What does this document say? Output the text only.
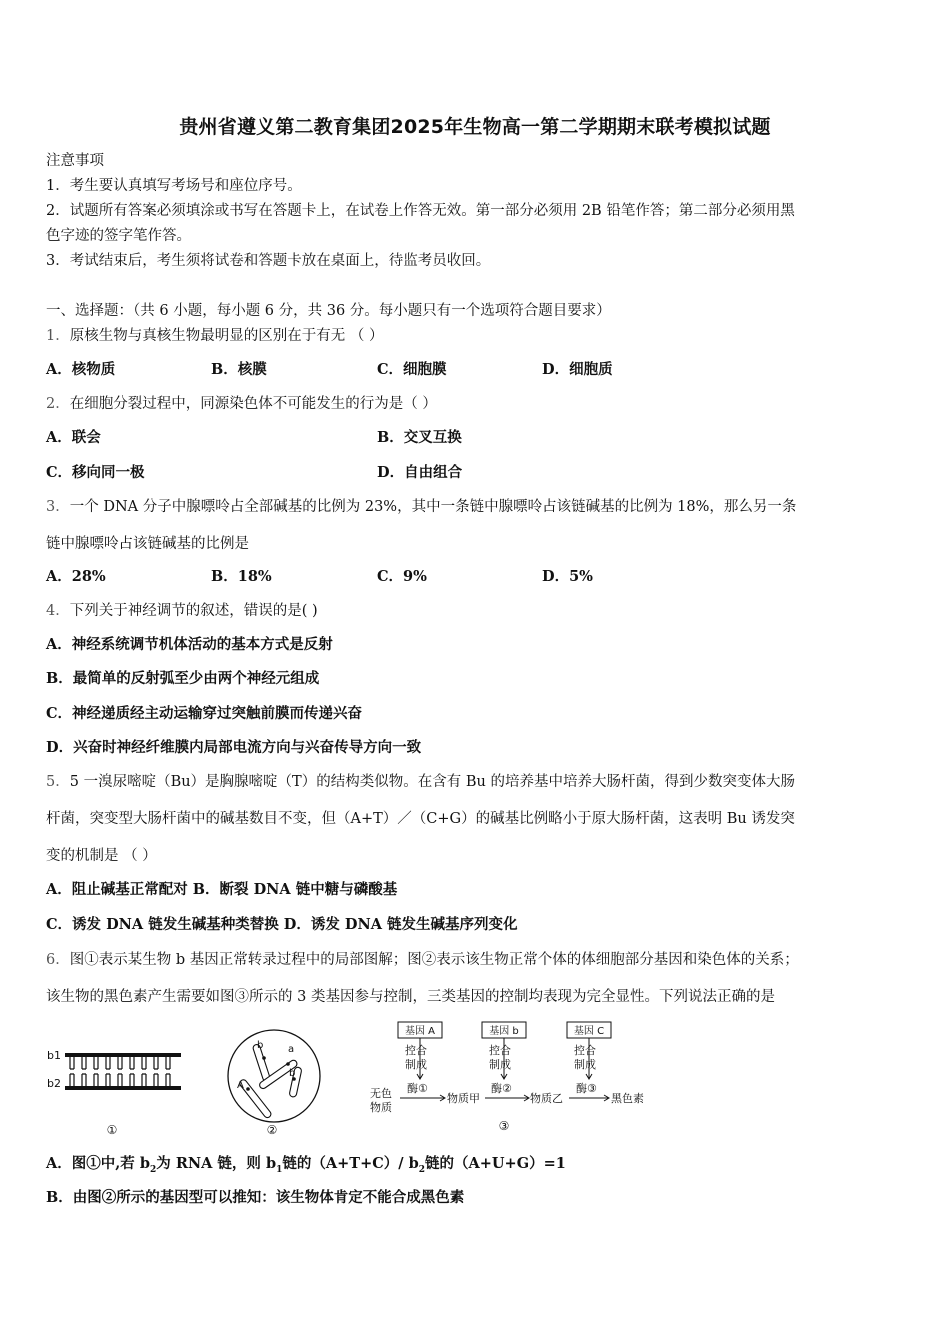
贵州省遵义第二教育集团2025年生物高一第二学期期末联考模拟试题
注意事项
1．考生要认真填写考场号和座位序号。
2．试题所有答案必须填涂或书写在答题卡上，在试卷上作答无效。第一部分必须用 2B 铅笔作答；第二部分必须用黑
色字迹的签字笔作答。
3．考试结束后，考生须将试卷和答题卡放在桌面上，待监考员收回。
一、选择题：（共 6 小题，每小题 6 分，共 36 分。每小题只有一个选项符合题目要求）
1．原核生物与真核生物最明显的区别在于有无 （ ）
A．核物质	B．核膜	C．细胞膜	D．细胞质
2．在细胞分裂过程中，同源染色体不可能发生的行为是（ ）
A．联会	B．交叉互换
C．移向同一极	D．自由组合
3．一个 DNA 分子中腺嘌呤占全部碱基的比例为 23%，其中一条链中腺嘌呤占该链碱基的比例为 18%，那么另一条
链中腺嘌呤占该链碱基的比例是
A．28%	B．18%	C．9%	D．5%
4．下列关于神经调节的叙述，错误的是( )
A．神经系统调节机体活动的基本方式是反射
B．最简单的反射弧至少由两个神经元组成
C．神经递质经主动运输穿过突触前膜而传递兴奋
D．兴奋时神经纤维膜内局部电流方向与兴奋传导方向一致
5．5 一溴尿嘧啶（Bu）是胸腺嘧啶（T）的结构类似物。在含有 Bu 的培养基中培养大肠杆菌，得到少数突变体大肠
杆菌，突变型大肠杆菌中的碱基数目不变，但（A+T）／（C+G）的碱基比例略小于原大肠杆菌，这表明 Bu 诱发突
变的机制是 （ ）
A．阻止碱基正常配对 B．断裂 DNA 链中糖与磷酸基
C．诱发 DNA 链发生碱基种类替换 D．诱发 DNA 链发生碱基序列变化
6．图①表示某生物 b 基因正常转录过程中的局部图解；图②表示该生物正常个体的体细胞部分基因和染色体的关系；
该生物的黑色素产生需要如图③所示的 3 类基因参与控制，三类基因的控制均表现为完全显性。下列说法正确的是
b1
b2
①
b a
b
A
②
基因 A	基因 b	基因 C
控合
制成
控合
制成
控合
制成
酶①	酶②	酶③
无色
物质
物质甲	物质乙	黑色素
③
A．图①中,若 $b_2$为 RNA 链，则 $b_1$链的（A+T+C）/ $b_2$链的（A+U+G）=1
B．由图②所示的基因型可以推知：该生物体肯定不能合成黑色素
